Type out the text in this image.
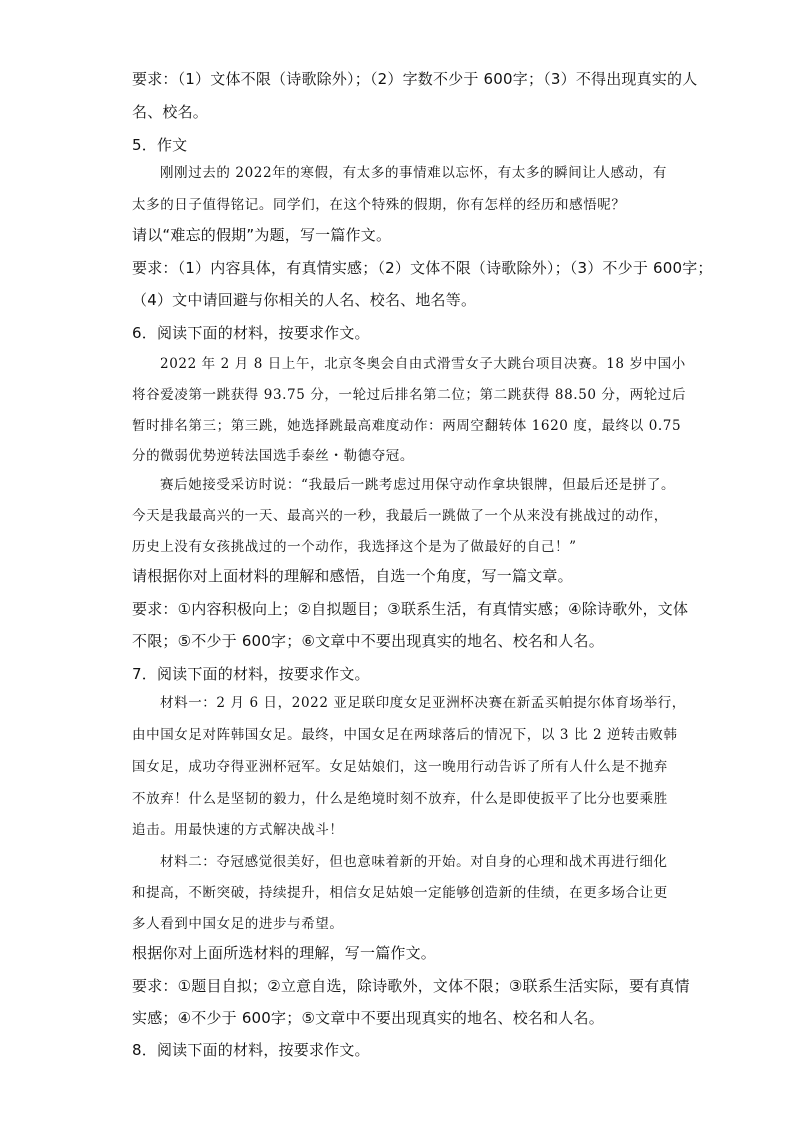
要求：（1）文体不限（诗歌除外）；（2）字数不少于 600字；（3）不得出现真实的人
名、校名。
5．作文
刚刚过去的 2022年的寒假，有太多的事情难以忘怀，有太多的瞬间让人感动，有
太多的日子值得铭记。同学们，在这个特殊的假期，你有怎样的经历和感悟呢？
请以“难忘的假期”为题，写一篇作文。
要求：（1）内容具体，有真情实感；（2）文体不限（诗歌除外）；（3）不少于 600字；
（4）文中请回避与你相关的人名、校名、地名等。
6．阅读下面的材料，按要求作文。
2022 年 2 月 8 日上午，北京冬奥会自由式滑雪女子大跳台项目决赛。18 岁中国小
将谷爱凌第一跳获得 93.75 分，一轮过后排名第二位；第二跳获得 88.50 分，两轮过后
暂时排名第三；第三跳，她选择跳最高难度动作：两周空翻转体 1620 度，最终以 0.75
分的微弱优势逆转法国选手泰丝・勒德夺冠。
赛后她接受采访时说：“我最后一跳考虑过用保守动作拿块银牌，但最后还是拼了。
今天是我最高兴的一天、最高兴的一秒，我最后一跳做了一个从来没有挑战过的动作，
历史上没有女孩挑战过的一个动作，我选择这个是为了做最好的自己！”
请根据你对上面材料的理解和感悟，自选一个角度，写一篇文章。
要求：①内容积极向上；②自拟题目；③联系生活，有真情实感；④除诗歌外，文体
不限；⑤不少于 600字；⑥文章中不要出现真实的地名、校名和人名。
7．阅读下面的材料，按要求作文。
材料一：2 月 6 日，2022 亚足联印度女足亚洲杯决赛在新孟买帕提尔体育场举行，
由中国女足对阵韩国女足。最终，中国女足在两球落后的情况下，以 3 比 2 逆转击败韩
国女足，成功夺得亚洲杯冠军。女足姑娘们，这一晚用行动告诉了所有人什么是不抛弃
不放弃！什么是坚韧的毅力，什么是绝境时刻不放弃，什么是即使扳平了比分也要乘胜
追击。用最快速的方式解决战斗！
材料二：夺冠感觉很美好，但也意味着新的开始。对自身的心理和战术再进行细化
和提高，不断突破，持续提升，相信女足姑娘一定能够创造新的佳绩，在更多场合让更
多人看到中国女足的进步与希望。
根据你对上面所选材料的理解，写一篇作文。
要求：①题目自拟；②立意自选，除诗歌外，文体不限；③联系生活实际，要有真情
实感；④不少于 600字；⑤文章中不要出现真实的地名、校名和人名。
8．阅读下面的材料，按要求作文。
